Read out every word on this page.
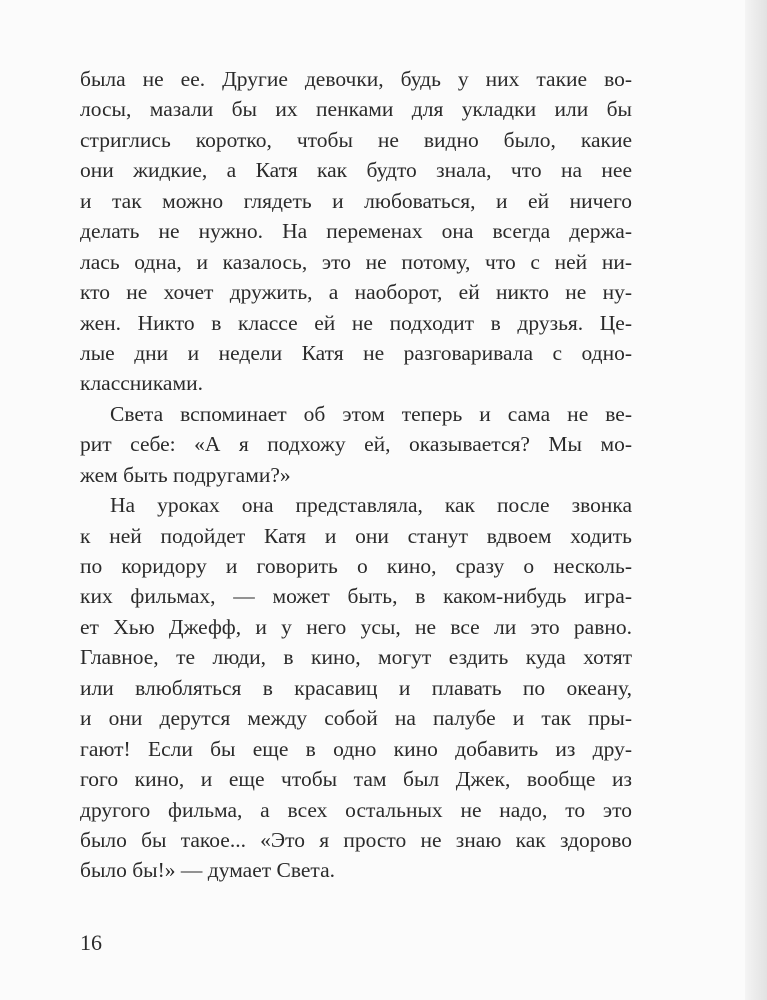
была не ее. Другие девочки, будь у них такие во-
лосы, мазали бы их пенками для укладки или бы
стриглись коротко, чтобы не видно было, какие
они жидкие, а Катя как будто знала, что на нее
и так можно глядеть и любоваться, и ей ничего
делать не нужно. На переменах она всегда держа-
лась одна, и казалось, это не потому, что с ней ни-
кто не хочет дружить, а наоборот, ей никто не ну-
жен. Никто в классе ей не подходит в друзья. Це-
лые дни и недели Катя не разговаривала с одно-
классниками.
Света вспоминает об этом теперь и сама не ве-
рит себе: «А я подхожу ей, оказывается? Мы мо-
жем быть подругами?»
На уроках она представляла, как после звонка
к ней подойдет Катя и они станут вдвоем ходить
по коридору и говорить о кино, сразу о несколь-
ких фильмах, — может быть, в каком-нибудь игра-
ет Хью Джефф, и у него усы, не все ли это равно.
Главное, те люди, в кино, могут ездить куда хотят
или влюбляться в красавиц и плавать по океану,
и они дерутся между собой на палубе и так пры-
гают! Если бы еще в одно кино добавить из дру-
гого кино, и еще чтобы там был Джек, вообще из
другого фильма, а всех остальных не надо, то это
было бы такое... «Это я просто не знаю как здорово
было бы!» — думает Света.
16
